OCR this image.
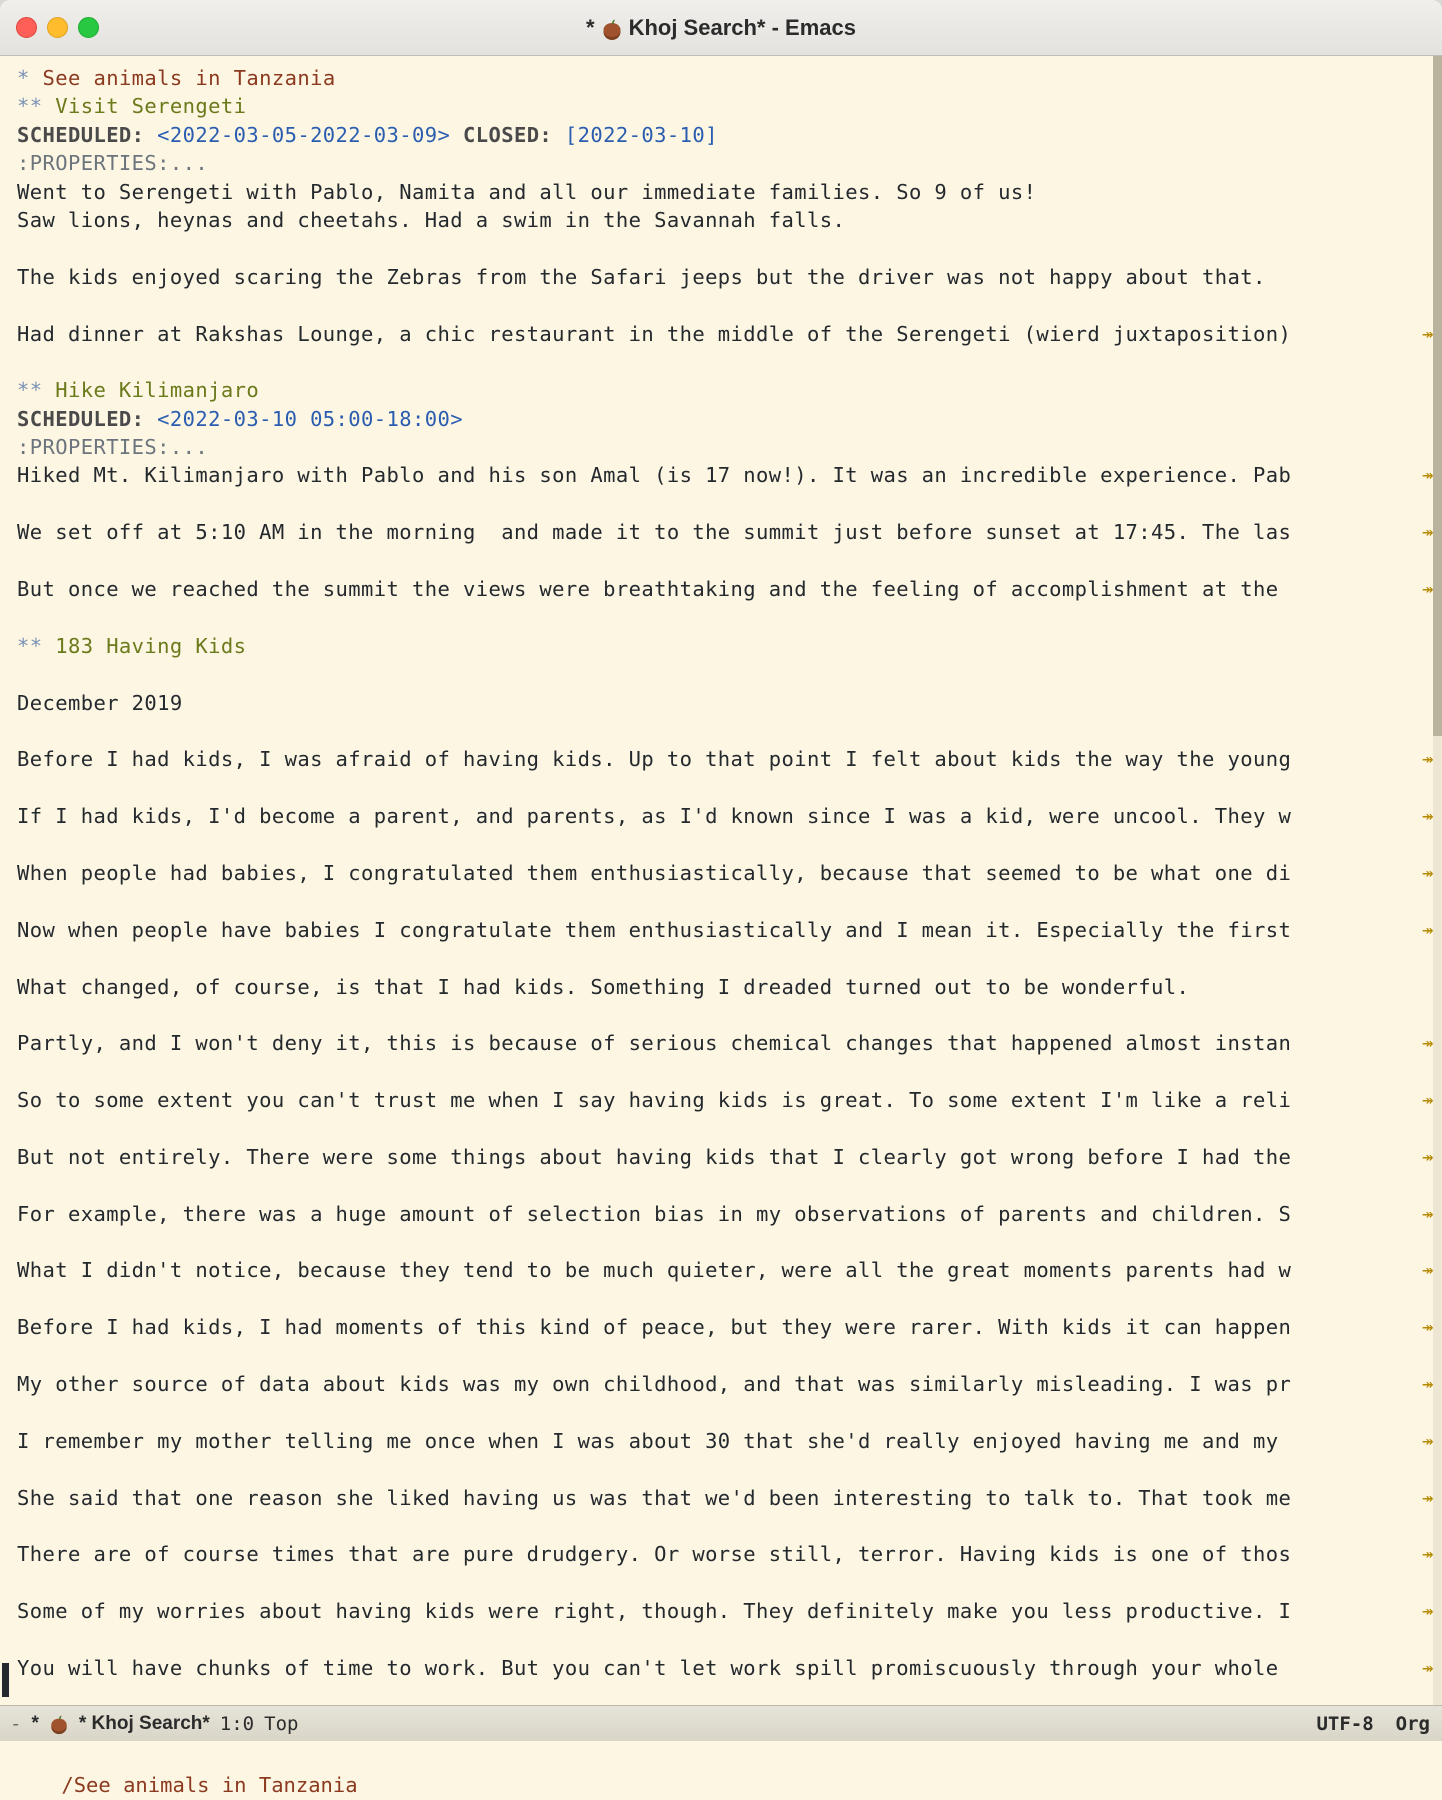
* Khoj Search* - Emacs
* See animals in Tanzania
** Visit Serengeti
SCHEDULED: <2022-03-05-2022-03-09> CLOSED: [2022-03-10]
:PROPERTIES:...
Went to Serengeti with Pablo, Namita and all our immediate families. So 9 of us!
Saw lions, heynas and cheetahs. Had a swim in the Savannah falls.
The kids enjoyed scaring the Zebras from the Safari jeeps but the driver was not happy about that.
Had dinner at Rakshas Lounge, a chic restaurant in the middle of the Serengeti (wierd juxtaposition)	↠
** Hike Kilimanjaro
SCHEDULED: <2022-03-10 05:00-18:00>
:PROPERTIES:...
Hiked Mt. Kilimanjaro with Pablo and his son Amal (is 17 now!). It was an incredible experience. Pab	↠
We set off at 5:10 AM in the morning  and made it to the summit just before sunset at 17:45. The las	↠
But once we reached the summit the views were breathtaking and the feeling of accomplishment at the	↠
** 183 Having Kids
December 2019
Before I had kids, I was afraid of having kids. Up to that point I felt about kids the way the young	↠
If I had kids, I'd become a parent, and parents, as I'd known since I was a kid, were uncool. They w	↠
When people had babies, I congratulated them enthusiastically, because that seemed to be what one di	↠
Now when people have babies I congratulate them enthusiastically and I mean it. Especially the first	↠
What changed, of course, is that I had kids. Something I dreaded turned out to be wonderful.
Partly, and I won't deny it, this is because of serious chemical changes that happened almost instan	↠
So to some extent you can't trust me when I say having kids is great. To some extent I'm like a reli	↠
But not entirely. There were some things about having kids that I clearly got wrong before I had the	↠
For example, there was a huge amount of selection bias in my observations of parents and children. S	↠
What I didn't notice, because they tend to be much quieter, were all the great moments parents had w	↠
Before I had kids, I had moments of this kind of peace, but they were rarer. With kids it can happen	↠
My other source of data about kids was my own childhood, and that was similarly misleading. I was pr	↠
I remember my mother telling me once when I was about 30 that she'd really enjoyed having me and my	↠
She said that one reason she liked having us was that we'd been interesting to talk to. That took me	↠
There are of course times that are pure drudgery. Or worse still, terror. Having kids is one of thos	↠
Some of my worries about having kids were right, though. They definitely make you less productive. I	↠
You will have chunks of time to work. But you can't let work spill promiscuously through your whole	↠
- * * Khoj Search* 1:0 Top	UTF-8 Org

/See animals in Tanzania
